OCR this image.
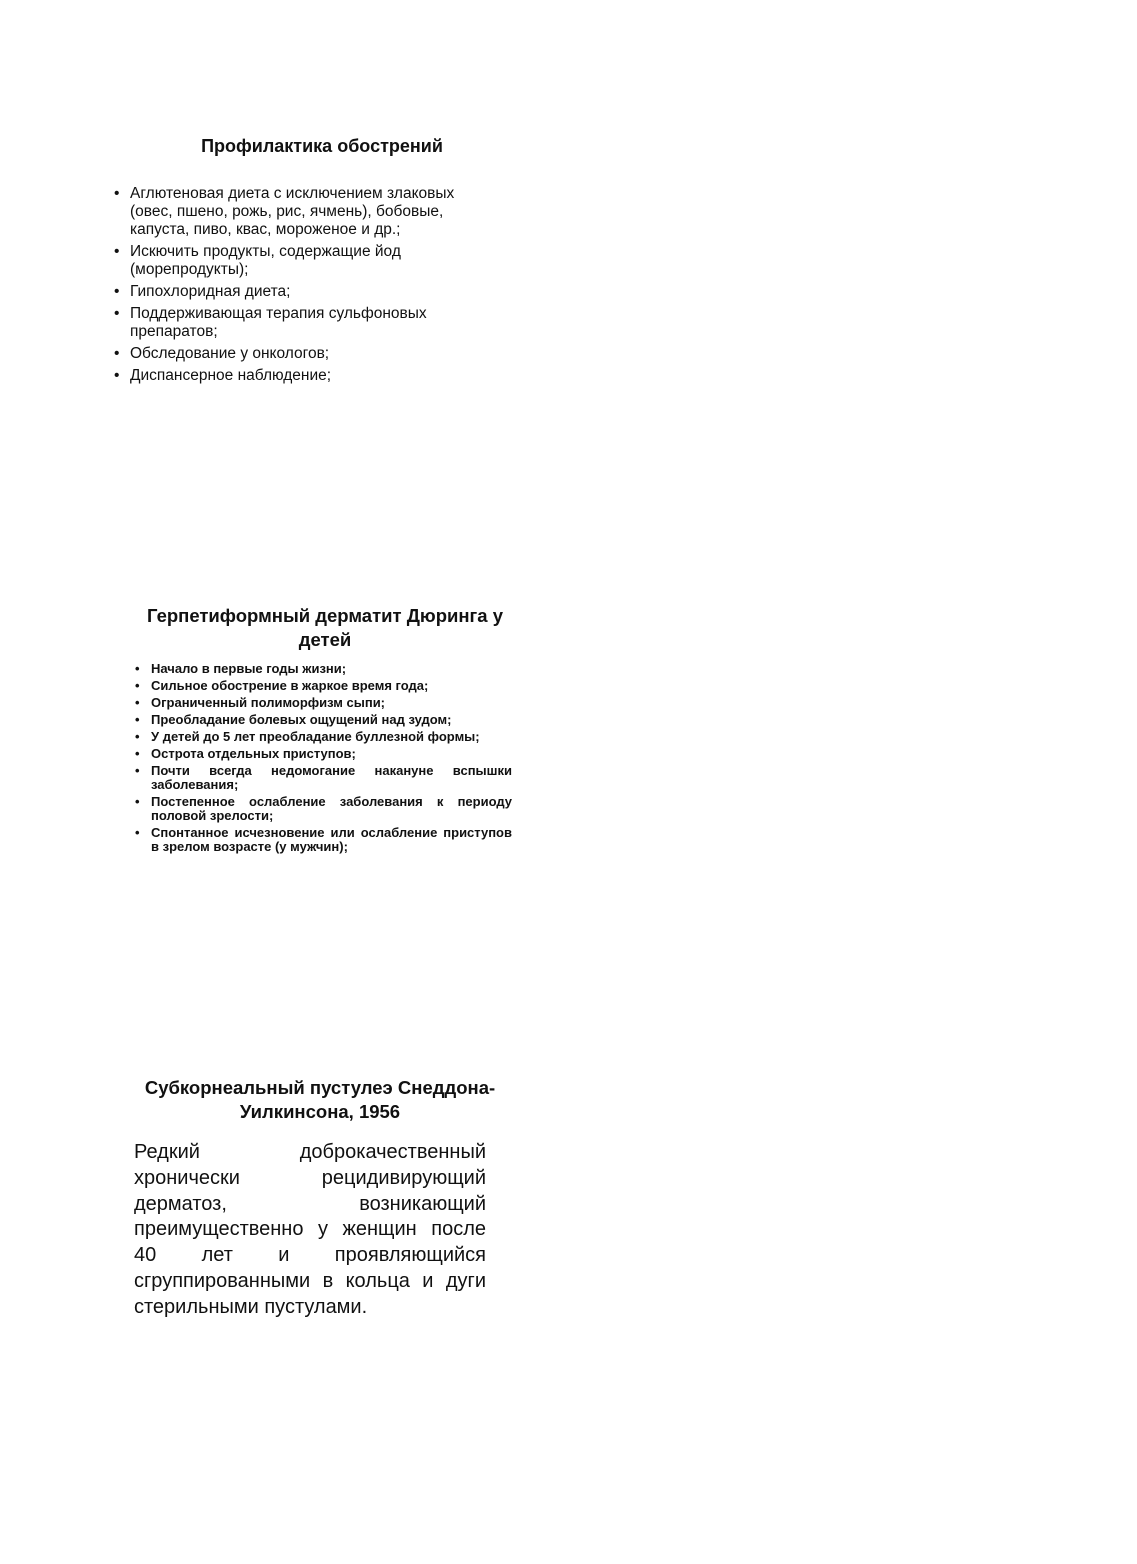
Профилактика обострений
• Аглютеновая диета с исключением злаковых (овес, пшено, рожь, рис, ячмень), бобовые, капуста, пиво, квас, мороженое и др.;
• Искючить продукты, содержащие йод (морепродукты);
• Гипохлоридная диета;
• Поддерживающая терапия сульфоновых препаратов;
• Обследование у онкологов;
• Диспансерное наблюдение;
Герпетиформный дерматит Дюринга у детей
• Начало в первые годы жизни;
• Сильное обострение в жаркое время года;
• Ограниченный полиморфизм сыпи;
• Преобладание болевых ощущений над зудом;
• У детей до 5 лет преобладание буллезной формы;
• Острота отдельных приступов;
• Почти всегда недомогание накануне вспышки заболевания;
• Постепенное ослабление заболевания к периоду половой зрелости;
• Спонтанное исчезновение или ослабление приступов в зрелом возрасте (у мужчин);
Субкорнеальный пустулеэ Снеддона-Уилкинсона, 1956

Редкий доброкачественный хронически рецидивирующий дерматоз, возникающий преимущественно у женщин после 40 лет и проявляющийся сгруппированными в кольца и дуги стерильными пустулами.
